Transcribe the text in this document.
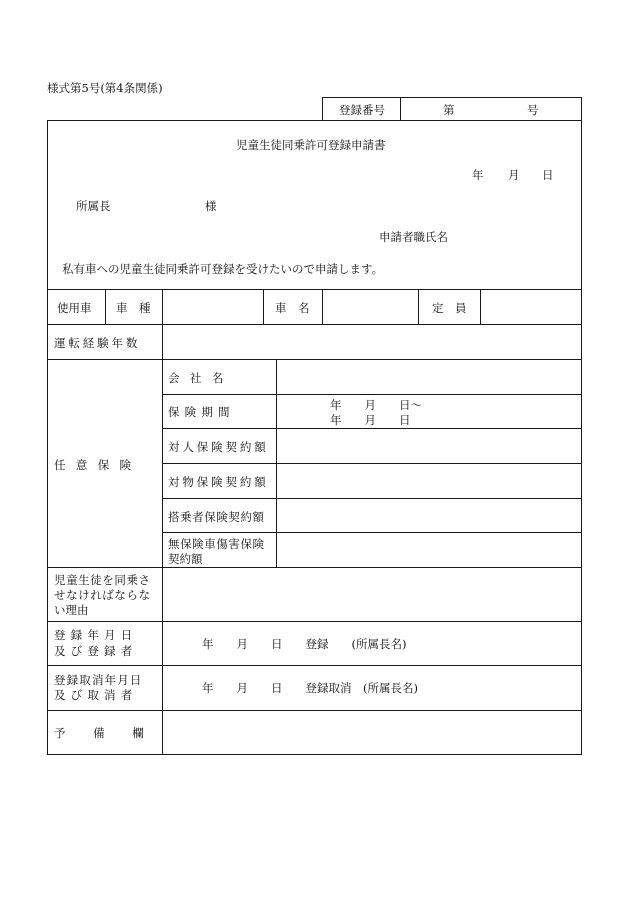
様式第5号(第4条関係)
登録番号	第	号
児童生徒同乗許可登録申請書
年 月 日
所属長	様
申請者職氏名
私有車への児童生徒同乗許可登録を受けたいので申請します。
使用車 車　種	車　名	定　員
運転経験年数
任意保険
会社名
保険期間	年　　月　　日～
年　　月　　日
対人保険契約額
対物保険契約額
搭乗者保険契約額
無保険車傷害保険
契約額
児童生徒を同乗さ
せなければならな
い理由
登録年月日
及び登録者	年　　月　　日　　登録　　(所属長名)
登録取消年月日
及び取消者	年　　月　　日　　登録取消　(所属長名)
予備欄
